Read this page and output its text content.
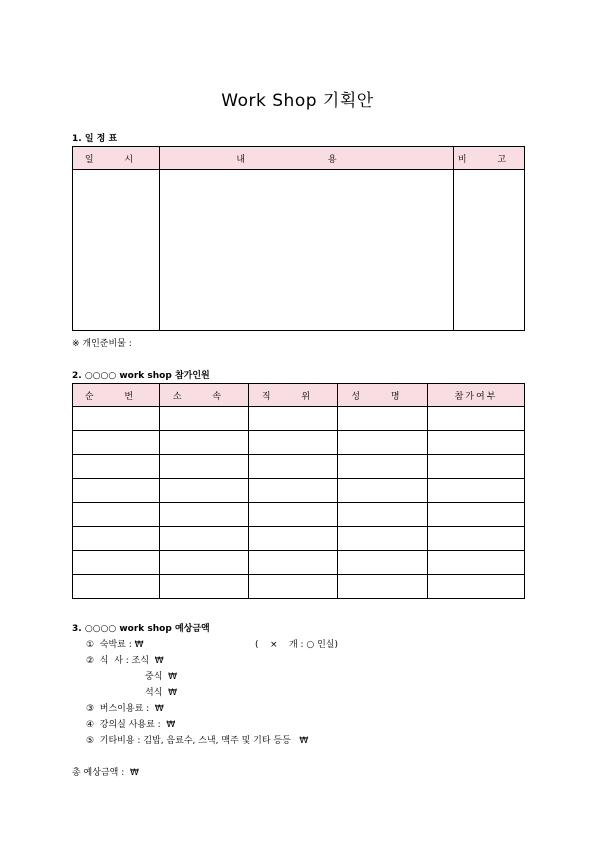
Work Shop 기획안
1. 일 정 표
일 시	내 용	비 고

※ 개인준비물 :
2. ○○○○ work shop 참가인원
순 번	소 속	직 위	성 명	참가여부

3. ○○○○ work shop 예상금액
①  숙박료 : ₩	(    ×    개 : ○ 인실)
②  식  사 : 조식  ₩
중식  ₩
석식  ₩
③  버스이용료 :  ₩
④  강의실 사용료 :  ₩
⑤  기타비용 : 김밥, 음료수, 스낵, 맥주 및 기타 등등   ₩
총 예상금액 :  ₩
